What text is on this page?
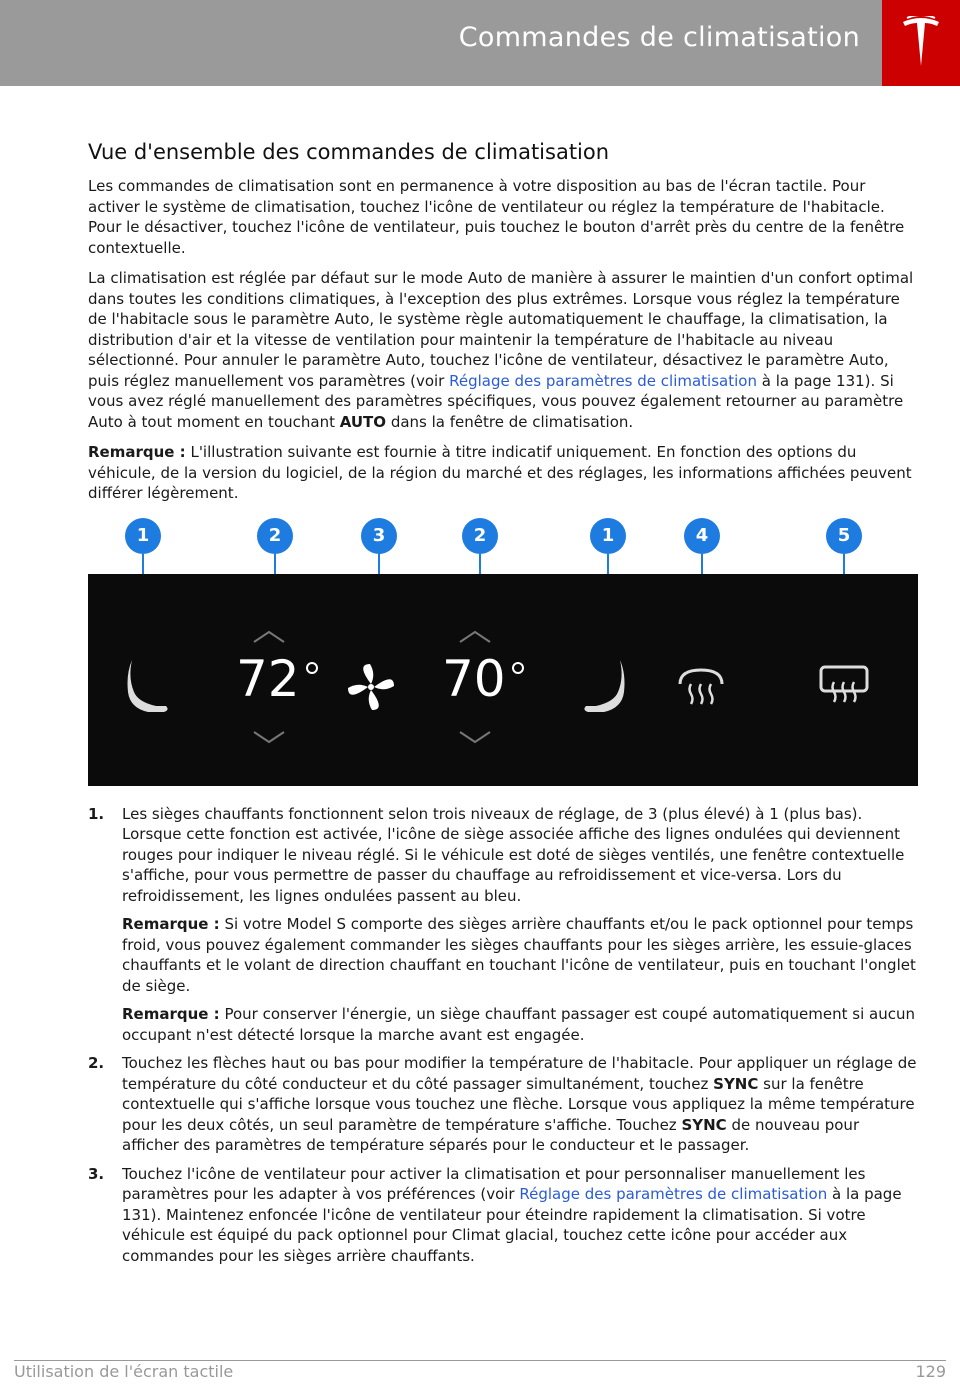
Commandes de climatisation
Vue d'ensemble des commandes de climatisation

Les commandes de climatisation sont en permanence à votre disposition au bas de l'écran tactile. Pour activer le système de climatisation, touchez l'icône de ventilateur ou réglez la température de l'habitacle. Pour le désactiver, touchez l'icône de ventilateur, puis touchez le bouton d'arrêt près du centre de la fenêtre contextuelle.

La climatisation est réglée par défaut sur le mode Auto de manière à assurer le maintien d'un confort optimal dans toutes les conditions climatiques, à l'exception des plus extrêmes. Lorsque vous réglez la température de l'habitacle sous le paramètre Auto, le système règle automatiquement le chauffage, la climatisation, la distribution d'air et la vitesse de ventilation pour maintenir la température de l'habitacle au niveau sélectionné. Pour annuler le paramètre Auto, touchez l'icône de ventilateur, désactivez le paramètre Auto, puis réglez manuellement vos paramètres (voir Réglage des paramètres de climatisation à la page 131). Si vous avez réglé manuellement des paramètres spécifiques, vous pouvez également retourner au paramètre Auto à tout moment en touchant AUTO dans la fenêtre de climatisation.

Remarque : L'illustration suivante est fournie à titre indicatif uniquement. En fonction des options du véhicule, de la version du logiciel, de la région du marché et des réglages, les informations affichées peuvent différer légèrement.

1	2	3	2	1	4	5
72	70
1. Les sièges chauffants fonctionnent selon trois niveaux de réglage, de 3 (plus élevé) à 1 (plus bas). Lorsque cette fonction est activée, l'icône de siège associée affiche des lignes ondulées qui deviennent rouges pour indiquer le niveau réglé. Si le véhicule est doté de sièges ventilés, une fenêtre contextuelle s'affiche, pour vous permettre de passer du chauffage au refroidissement et vice-versa. Lors du refroidissement, les lignes ondulées passent au bleu.

Remarque : Si votre Model S comporte des sièges arrière chauffants et/ou le pack optionnel pour temps froid, vous pouvez également commander les sièges chauffants pour les sièges arrière, les essuie-glaces chauffants et le volant de direction chauffant en touchant l'icône de ventilateur, puis en touchant l'onglet de siège.

Remarque : Pour conserver l'énergie, un siège chauffant passager est coupé automatiquement si aucun occupant n'est détecté lorsque la marche avant est engagée.

2. Touchez les flèches haut ou bas pour modifier la température de l'habitacle. Pour appliquer un réglage de température du côté conducteur et du côté passager simultanément, touchez SYNC sur la fenêtre contextuelle qui s'affiche lorsque vous touchez une flèche. Lorsque vous appliquez la même température pour les deux côtés, un seul paramètre de température s'affiche. Touchez SYNC de nouveau pour afficher des paramètres de température séparés pour le conducteur et le passager.

3. Touchez l'icône de ventilateur pour activer la climatisation et pour personnaliser manuellement les paramètres pour les adapter à vos préférences (voir Réglage des paramètres de climatisation à la page 131). Maintenez enfoncée l'icône de ventilateur pour éteindre rapidement la climatisation. Si votre véhicule est équipé du pack optionnel pour Climat glacial, touchez cette icône pour accéder aux commandes pour les sièges arrière chauffants.

Utilisation de l'écran tactile	129
